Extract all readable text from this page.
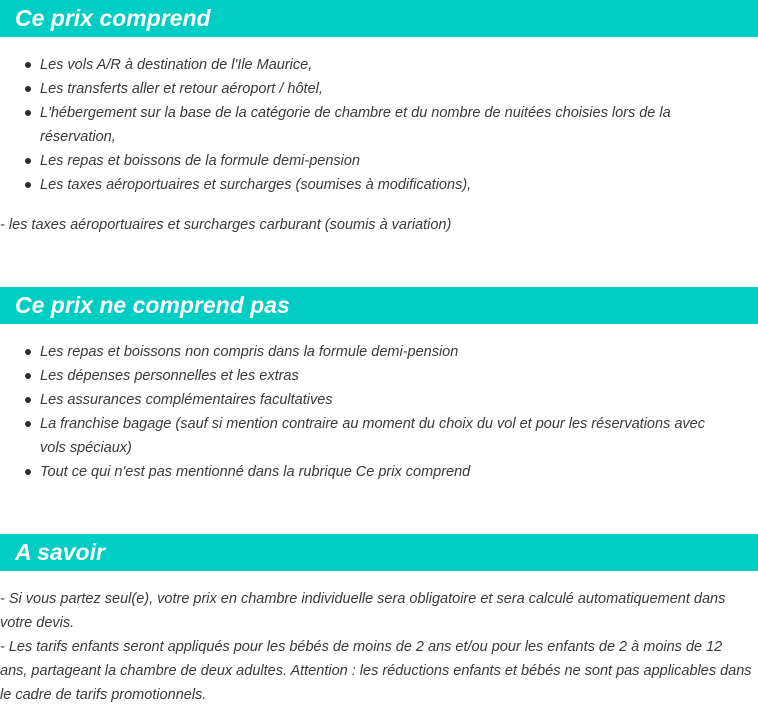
Ce prix comprend
Les vols A/R à destination de l'Ile Maurice,
Les transferts aller et retour aéroport / hôtel,
L'hébergement sur la base de la catégorie de chambre et du nombre de nuitées choisies lors de la réservation,
Les repas et boissons de la formule demi-pension
Les taxes aéroportuaires et surcharges (soumises à modifications),

- les taxes aéroportuaires et surcharges carburant (soumis à variation)

Ce prix ne comprend pas
Les repas et boissons non compris dans la formule demi-pension
Les dépenses personnelles et les extras
Les assurances complémentaires facultatives
La franchise bagage (sauf si mention contraire au moment du choix du vol et pour les réservations avec vols spéciaux)
Tout ce qui n'est pas mentionné dans la rubrique Ce prix comprend
A savoir
- Si vous partez seul(e), votre prix en chambre individuelle sera obligatoire et sera calculé automatiquement dans votre devis.
- Les tarifs enfants seront appliqués pour les bébés de moins de 2 ans et/ou pour les enfants de 2 à moins de 12 ans, partageant la chambre de deux adultes. Attention : les réductions enfants et bébés ne sont pas applicables dans le cadre de tarifs promotionnels.
